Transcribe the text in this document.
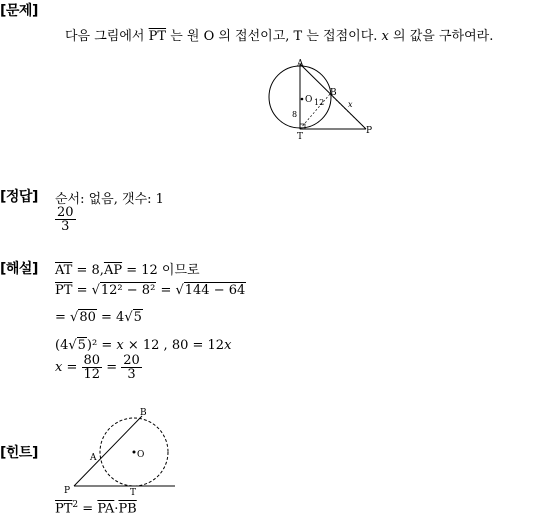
[문제]
다음 그림에서 $\overline{PT}$ 는 원 O 의 접선이고, T 는 접점이다. x 의 값을 구하여라.
A
B
O
T
P
8
12	x
[정답] 순서: 없음, 갯수: 1
$\frac{20}{3}$
[해설] $\overline{AT} = 8,\overline{AP} = 12$ 이므로
$\overline{PT} = √12^2 - 8^2 = √144 - 64$
= √80 = 4√5
(4√5)² = x × 12 , 80 = 12x
$x = \frac{80}{12} = \frac{20}{3}$
[힌트]
B
A	O
P	T
$\overline{PT}^2 = \overline{PA}\cdot\overline{PB}$
